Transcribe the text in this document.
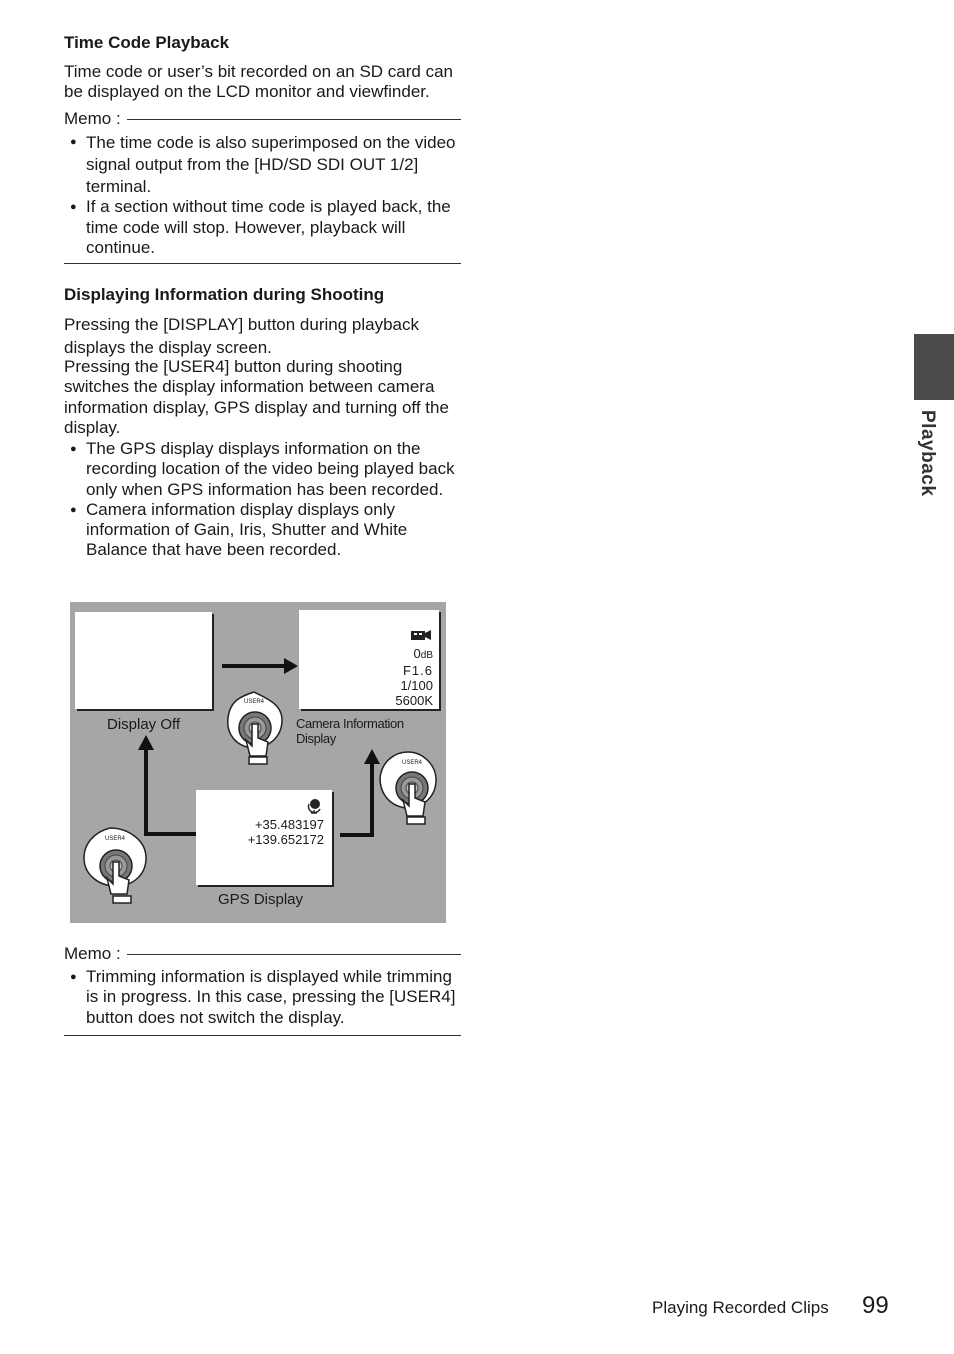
Time Code Playback

Time code or user’s bit recorded on an SD card can be displayed on the LCD monitor and viewfinder.

Memo :
● The time code is also superimposed on the video signal output from the [HD/SD SDI OUT 1/2] terminal.
● If a section without time code is played back, the time code will stop. However, playback will continue.
Displaying Information during Shooting

Pressing the [DISPLAY] button during playback displays the display screen.

Pressing the [USER4] button during shooting switches the display information between camera information display, GPS display and turning off the display.

● The GPS display displays information on the recording location of the video being played back only when GPS information has been recorded.
● Camera information display displays only information of Gain, Iris, Shutter and White Balance that have been recorded.
Display Off
0dB
F1.6
1/100
5600K
Camera Information Display
+35.483197
+139.652172
GPS Display
USER4
USER4
USER4
Memo :
● Trimming information is displayed while trimming is in progress. In this case, pressing the [USER4] button does not switch the display.
Playback
Playing Recorded Clips 99
